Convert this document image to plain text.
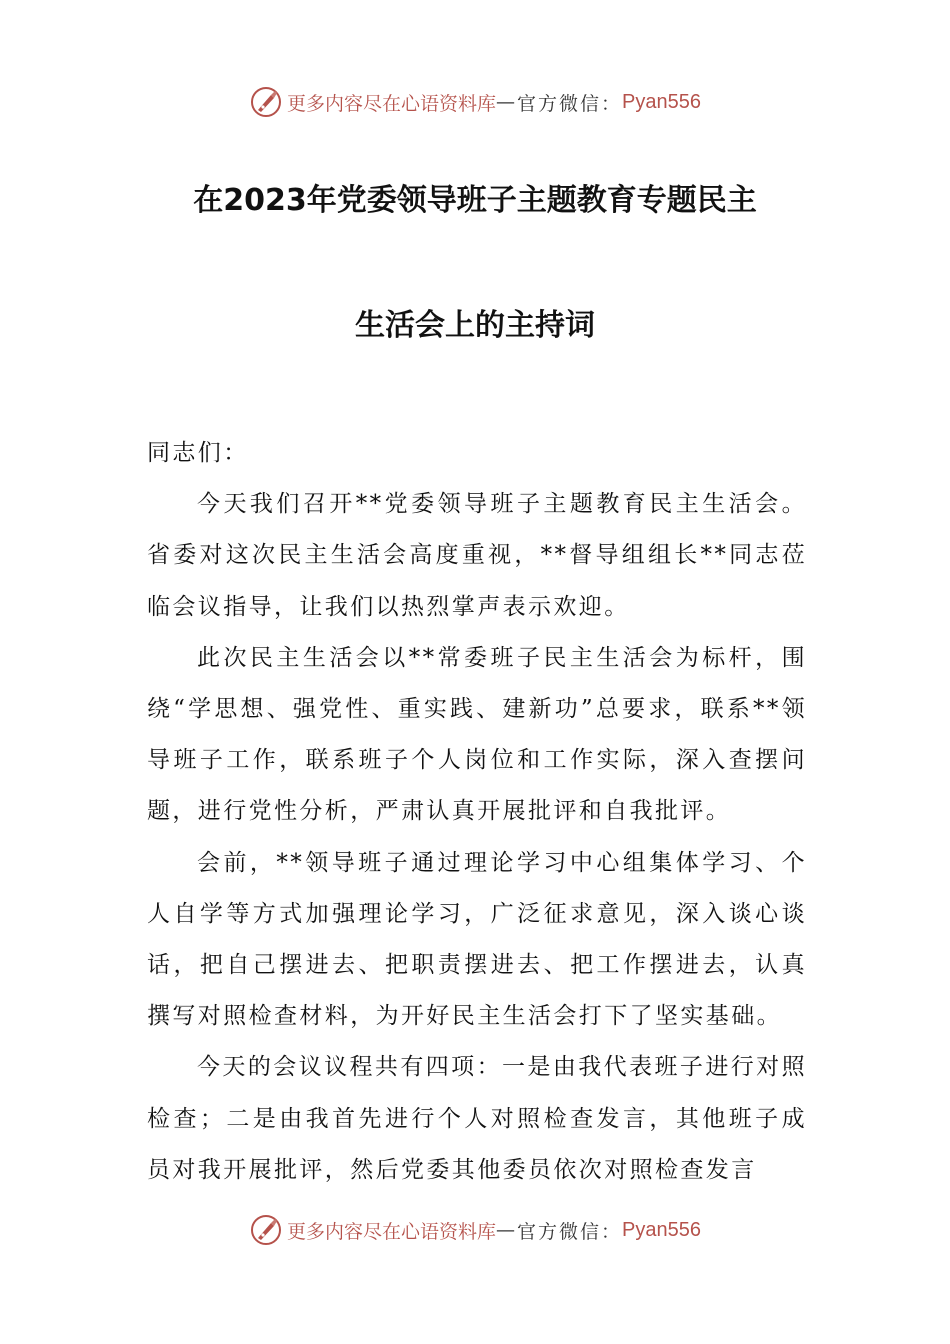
更多内容尽在心语资料库 — 官方微信： Pyan556
在2023年党委领导班子主题教育专题民主
生活会上的主持词

同志们：

今天我们召开**党委领导班子主题教育民主生活会。省委对这次民主生活会高度重视，**督导组组长**同志莅临会议指导，让我们以热烈掌声表示欢迎。

此次民主生活会以**常委班子民主生活会为标杆，围绕“学思想、强党性、重实践、建新功”总要求，联系**领导班子工作，联系班子个人岗位和工作实际，深入查摆问题，进行党性分析，严肃认真开展批评和自我批评。

会前，**领导班子通过理论学习中心组集体学习、个人自学等方式加强理论学习，广泛征求意见，深入谈心谈话，把自己摆进去、把职责摆进去、把工作摆进去，认真撰写对照检查材料，为开好民主生活会打下了坚实基础。

今天的会议议程共有四项：一是由我代表班子进行对照检查；二是由我首先进行个人对照检查发言，其他班子成员对我开展批评，然后党委其他委员依次对照检查发言

更多内容尽在心语资料库 — 官方微信： Pyan556
